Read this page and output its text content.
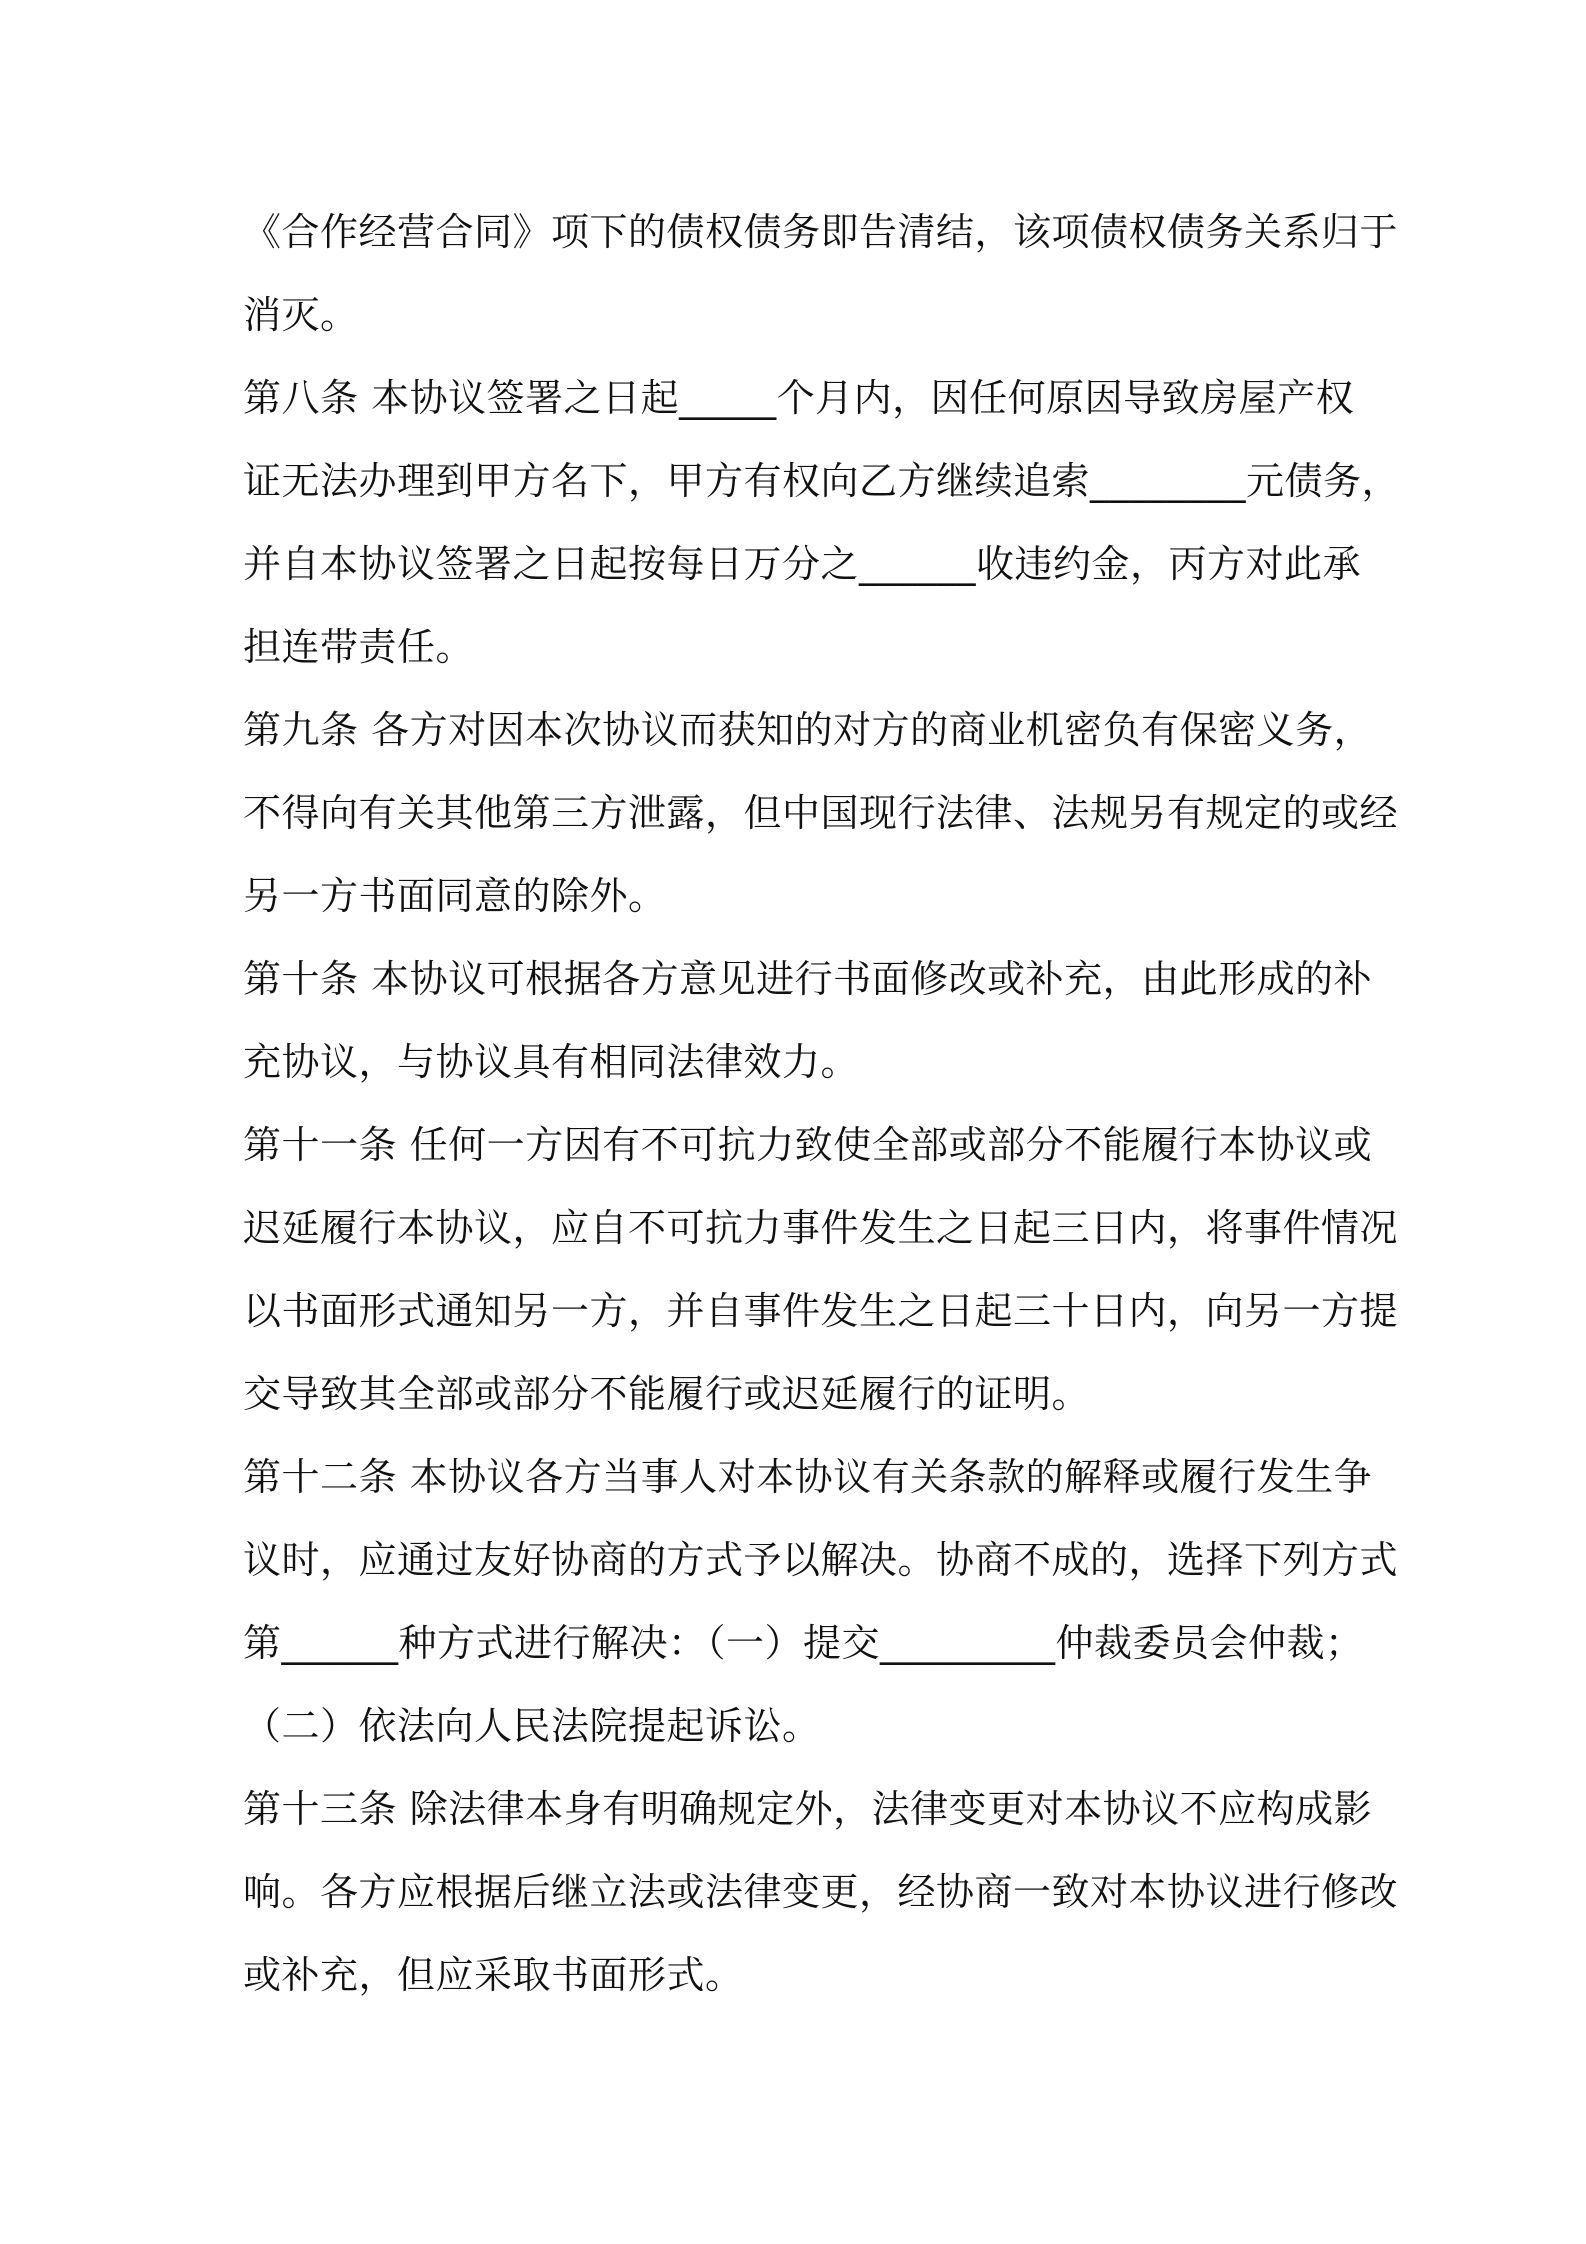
《合作经营合同》项下的债权债务即告清结，该项债权债务关系归于
消灭。
第八条 本协议签署之日起_____个月内，因任何原因导致房屋产权
证无法办理到甲方名下，甲方有权向乙方继续追索________元债务，
并自本协议签署之日起按每日万分之______收违约金，丙方对此承
担连带责任。
第九条 各方对因本次协议而获知的对方的商业机密负有保密义务，
不得向有关其他第三方泄露，但中国现行法律、法规另有规定的或经
另一方书面同意的除外。
第十条 本协议可根据各方意见进行书面修改或补充，由此形成的补
充协议，与协议具有相同法律效力。
第十一条 任何一方因有不可抗力致使全部或部分不能履行本协议或
迟延履行本协议，应自不可抗力事件发生之日起三日内，将事件情况
以书面形式通知另一方，并自事件发生之日起三十日内，向另一方提
交导致其全部或部分不能履行或迟延履行的证明。
第十二条 本协议各方当事人对本协议有关条款的解释或履行发生争
议时，应通过友好协商的方式予以解决。协商不成的，选择下列方式
第______种方式进行解决：（一）提交_________仲裁委员会仲裁；
（二）依法向人民法院提起诉讼。
第十三条 除法律本身有明确规定外，法律变更对本协议不应构成影
响。各方应根据后继立法或法律变更，经协商一致对本协议进行修改
或补充，但应采取书面形式。
